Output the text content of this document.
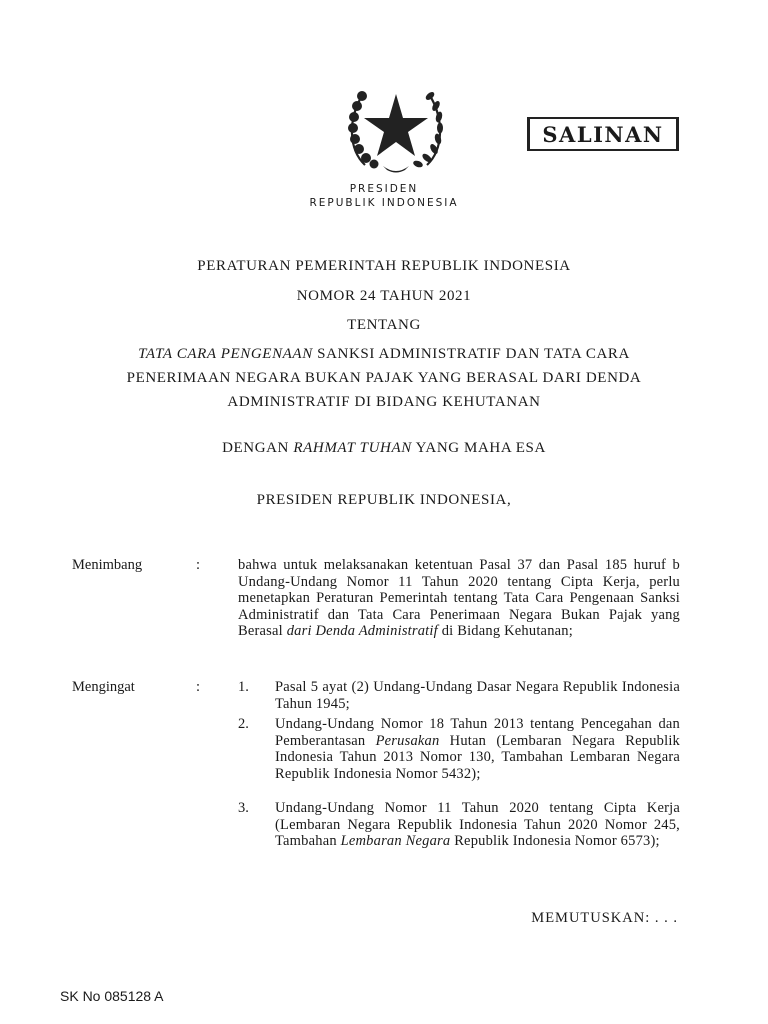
SALINAN
PRESIDEN
REPUBLIK INDONESIA
PERATURAN PEMERINTAH REPUBLIK INDONESIA
NOMOR 24 TAHUN 2021
TENTANG
TATA CARA PENGENAAN SANKSI ADMINISTRATIF DAN TATA CARA
PENERIMAAN NEGARA BUKAN PAJAK YANG BERASAL DARI DENDA
ADMINISTRATIF DI BIDANG KEHUTANAN
DENGAN RAHMAT TUHAN YANG MAHA ESA
PRESIDEN REPUBLIK INDONESIA,
Menimbang	:	bahwa untuk melaksanakan ketentuan Pasal 37 dan Pasal 185 huruf b Undang-Undang Nomor 11 Tahun 2020 tentang Cipta Kerja, perlu menetapkan Peraturan Pemerintah tentang Tata Cara Pengenaan Sanksi Administratif dan Tata Cara Penerimaan Negara Bukan Pajak yang Berasal dari Denda Administratif di Bidang Kehutanan;
Mengingat	:	1. Pasal 5 ayat (2) Undang-Undang Dasar Negara Republik Indonesia Tahun 1945;
2. Undang-Undang Nomor 18 Tahun 2013 tentang Pencegahan dan Pemberantasan Perusakan Hutan (Lembaran Negara Republik Indonesia Tahun 2013 Nomor 130, Tambahan Lembaran Negara Republik Indonesia Nomor 5432);
3. Undang-Undang Nomor 11 Tahun 2020 tentang Cipta Kerja (Lembaran Negara Republik Indonesia Tahun 2020 Nomor 245, Tambahan Lembaran Negara Republik Indonesia Nomor 6573);
MEMUTUSKAN: . . .
SK No 085128 A
